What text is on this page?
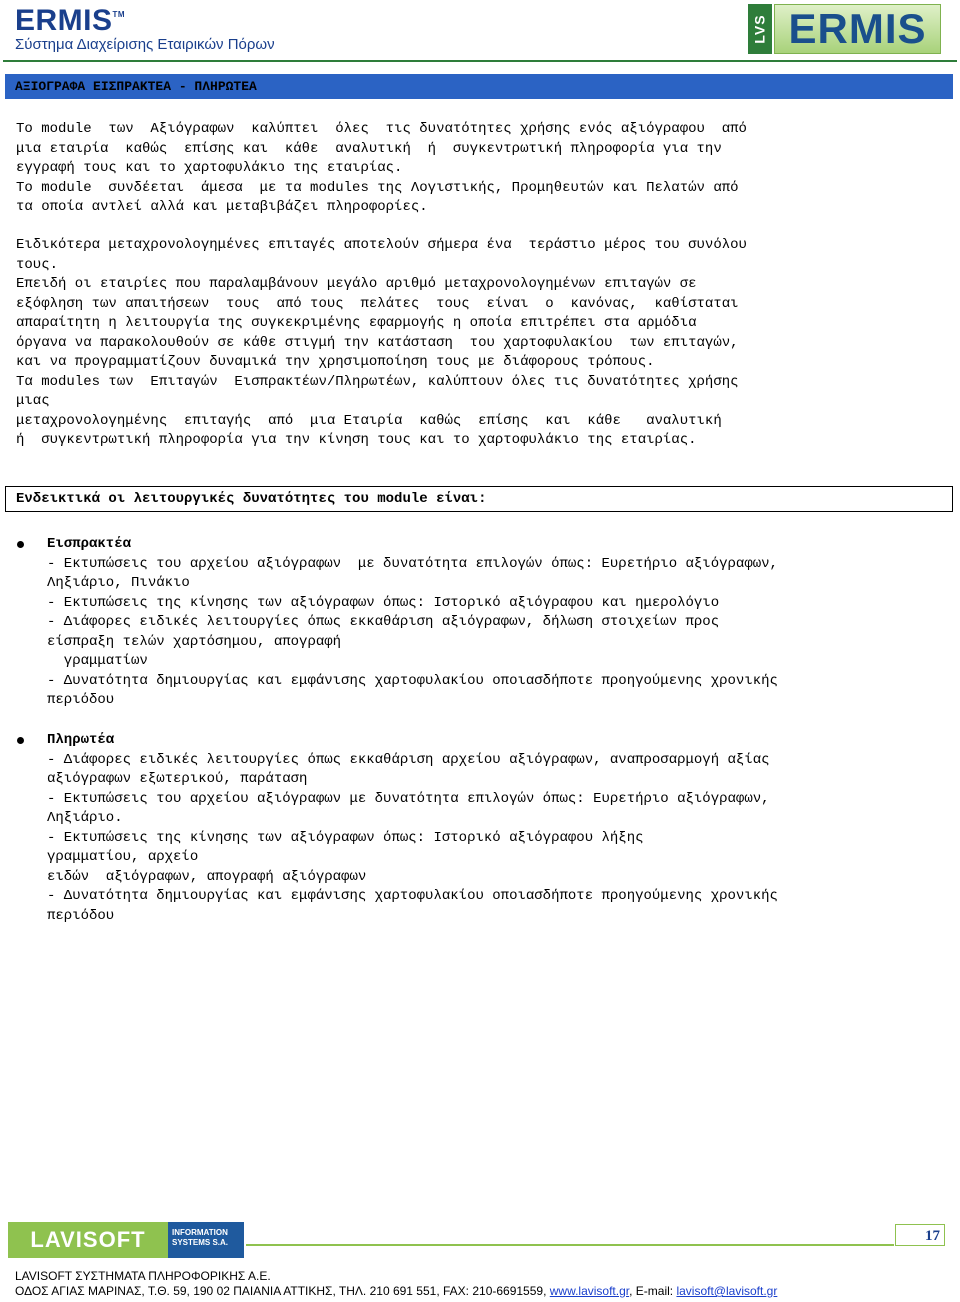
ERMIS™
Σύστημα Διαχείρισης Εταιρικών Πόρων
LVS ERMIS
ΑΞΙΟΓΡΑΦΑ ΕΙΣΠΡΑΚΤΕΑ - ΠΛΗΡΩΤΕΑ
Το module  των  Αξιόγραφων  καλύπτει  όλες  τις δυνατότητες χρήσης ενός αξιόγραφου  από
μια εταιρία  καθώς  επίσης και  κάθε  αναλυτική  ή  συγκεντρωτική πληροφορία για την
εγγραφή τους και το χαρτοφυλάκιο της εταιρίας.
Το module  συνδέεται  άμεσα  με τα modules της Λογιστικής, Προμηθευτών και Πελατών από
τα οποία αντλεί αλλά και μεταβιβάζει πληροφορίες.
Ειδικότερα μεταχρονολογημένες επιταγές αποτελούν σήμερα ένα  τεράστιο μέρος του συνόλου
τους.
Επειδή οι εταιρίες που παραλαμβάνουν μεγάλο αριθμό μεταχρονολογημένων επιταγών σε
εξόφληση των απαιτήσεων  τους  από τους  πελάτες  τους  είναι  ο  κανόνας,  καθίσταται
απαραίτητη η λειτουργία της συγκεκριμένης εφαρμογής η οποία επιτρέπει στα αρμόδια
όργανα να παρακολουθούν σε κάθε στιγμή την κατάσταση  του χαρτοφυλακίου  των επιταγών,
και να προγραμματίζουν δυναμικά την χρησιμοποίηση τους με διάφορους τρόπους.
Τα modules των  Επιταγών  Εισπρακτέων/Πληρωτέων, καλύπτουν όλες τις δυνατότητες χρήσης
μιας
μεταχρονολογημένης  επιταγής  από  μια Εταιρία  καθώς  επίσης  και  κάθε   αναλυτική
ή  συγκεντρωτική πληροφορία για την κίνηση τους και το χαρτοφυλάκιο της εταιρίας.
Ενδεικτικά οι λειτουργικές δυνατότητες του module είναι:
Εισπρακτέα
- Εκτυπώσεις του αρχείου αξιόγραφων  με δυνατότητα επιλογών όπως: Ευρετήριο αξιόγραφων,
Ληξιάριο, Πινάκιο
- Εκτυπώσεις της κίνησης των αξιόγραφων όπως: Ιστορικό αξιόγραφου και ημερολόγιο
- Διάφορες ειδικές λειτουργίες όπως εκκαθάριση αξιόγραφων, δήλωση στοιχείων προς
είσπραξη τελών χαρτόσημου, απογραφή
γραμματίων
- Δυνατότητα δημιουργίας και εμφάνισης χαρτοφυλακίου οποιασδήποτε προηγούμενης χρονικής
περιόδου
Πληρωτέα
- Διάφορες ειδικές λειτουργίες όπως εκκαθάριση αρχείου αξιόγραφων, αναπροσαρμογή αξίας
αξιόγραφων εξωτερικού, παράταση
- Εκτυπώσεις του αρχείου αξιόγραφων με δυνατότητα επιλογών όπως: Ευρετήριο αξιόγραφων,
Ληξιάριο.
- Εκτυπώσεις της κίνησης των αξιόγραφων όπως: Ιστορικό αξιόγραφου λήξης
γραμματίου, αρχείο
ειδών  αξιόγραφων, απογραφή αξιόγραφων
- Δυνατότητα δημιουργίας και εμφάνισης χαρτοφυλακίου οποιασδήποτε προηγούμενης χρονικής
περιόδου
LAVISOFT	INFORMATION SYSTEMS S.A.	17
LAVISOFT ΣΥΣΤΗΜΑΤΑ ΠΛΗΡΟΦΟΡΙΚΗΣ Α.Ε.
ΟΔΟΣ ΑΓΙΑΣ ΜΑΡΙΝΑΣ, Τ.Θ. 59, 190 02 ΠΑΙΑΝΙΑ ΑΤΤΙΚΗΣ, ΤΗΛ. 210 691 551, FAX: 210-6691559, www.lavisoft.gr, E-mail: lavisoft@lavisoft.gr
